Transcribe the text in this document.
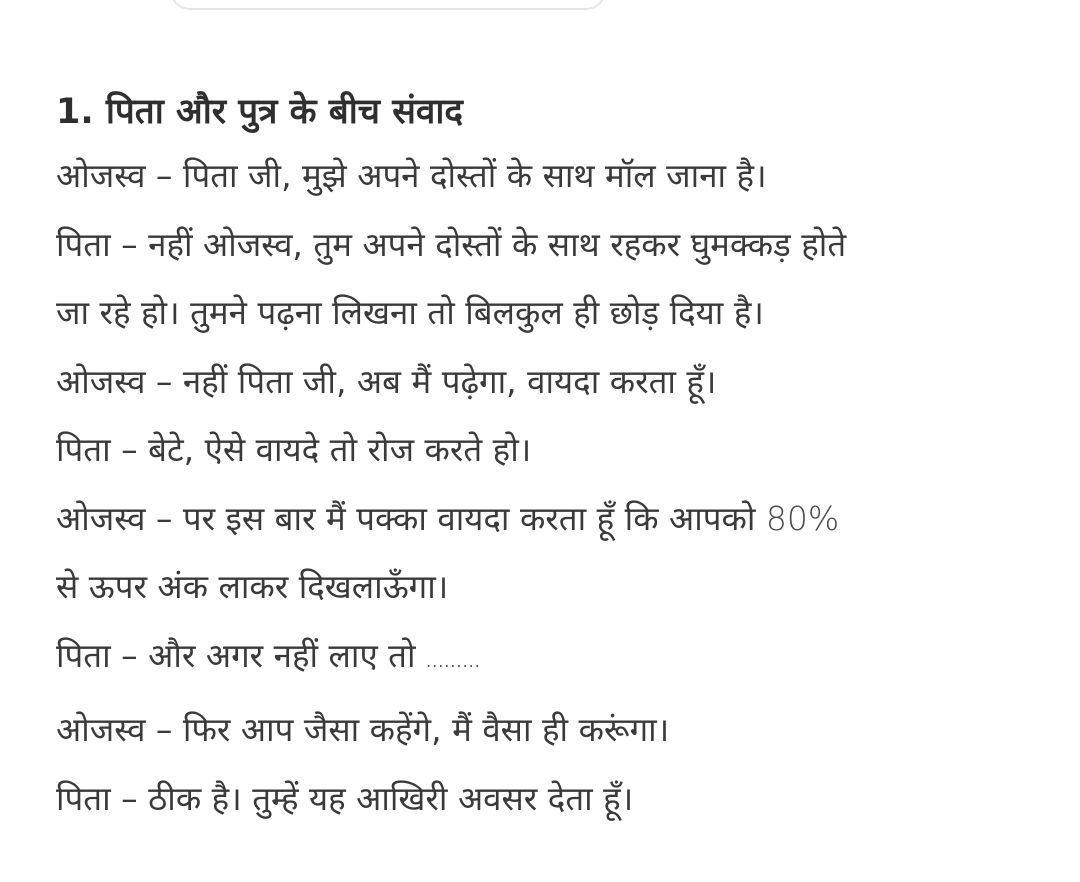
1. पिता और पुत्र के बीच संवाद

ओजस्व – पिता जी, मुझे अपने दोस्तों के साथ मॉल जाना है।

पिता – नहीं ओजस्व, तुम अपने दोस्तों के साथ रहकर घुमक्कड़ होते

जा रहे हो। तुमने पढ़ना लिखना तो बिलकुल ही छोड़ दिया है।

ओजस्व – नहीं पिता जी, अब मैं पढ़ेगा, वायदा करता हूँ।

पिता – बेटे, ऐसे वायदे तो रोज करते हो।

ओजस्व – पर इस बार मैं पक्का वायदा करता हूँ कि आपको 80%

से ऊपर अंक लाकर दिखलाऊँगा।

पिता – और अगर नहीं लाए तो .........

ओजस्व – फिर आप जैसा कहेंगे, मैं वैसा ही करूंगा।

पिता – ठीक है। तुम्हें यह आखिरी अवसर देता हूँ।
